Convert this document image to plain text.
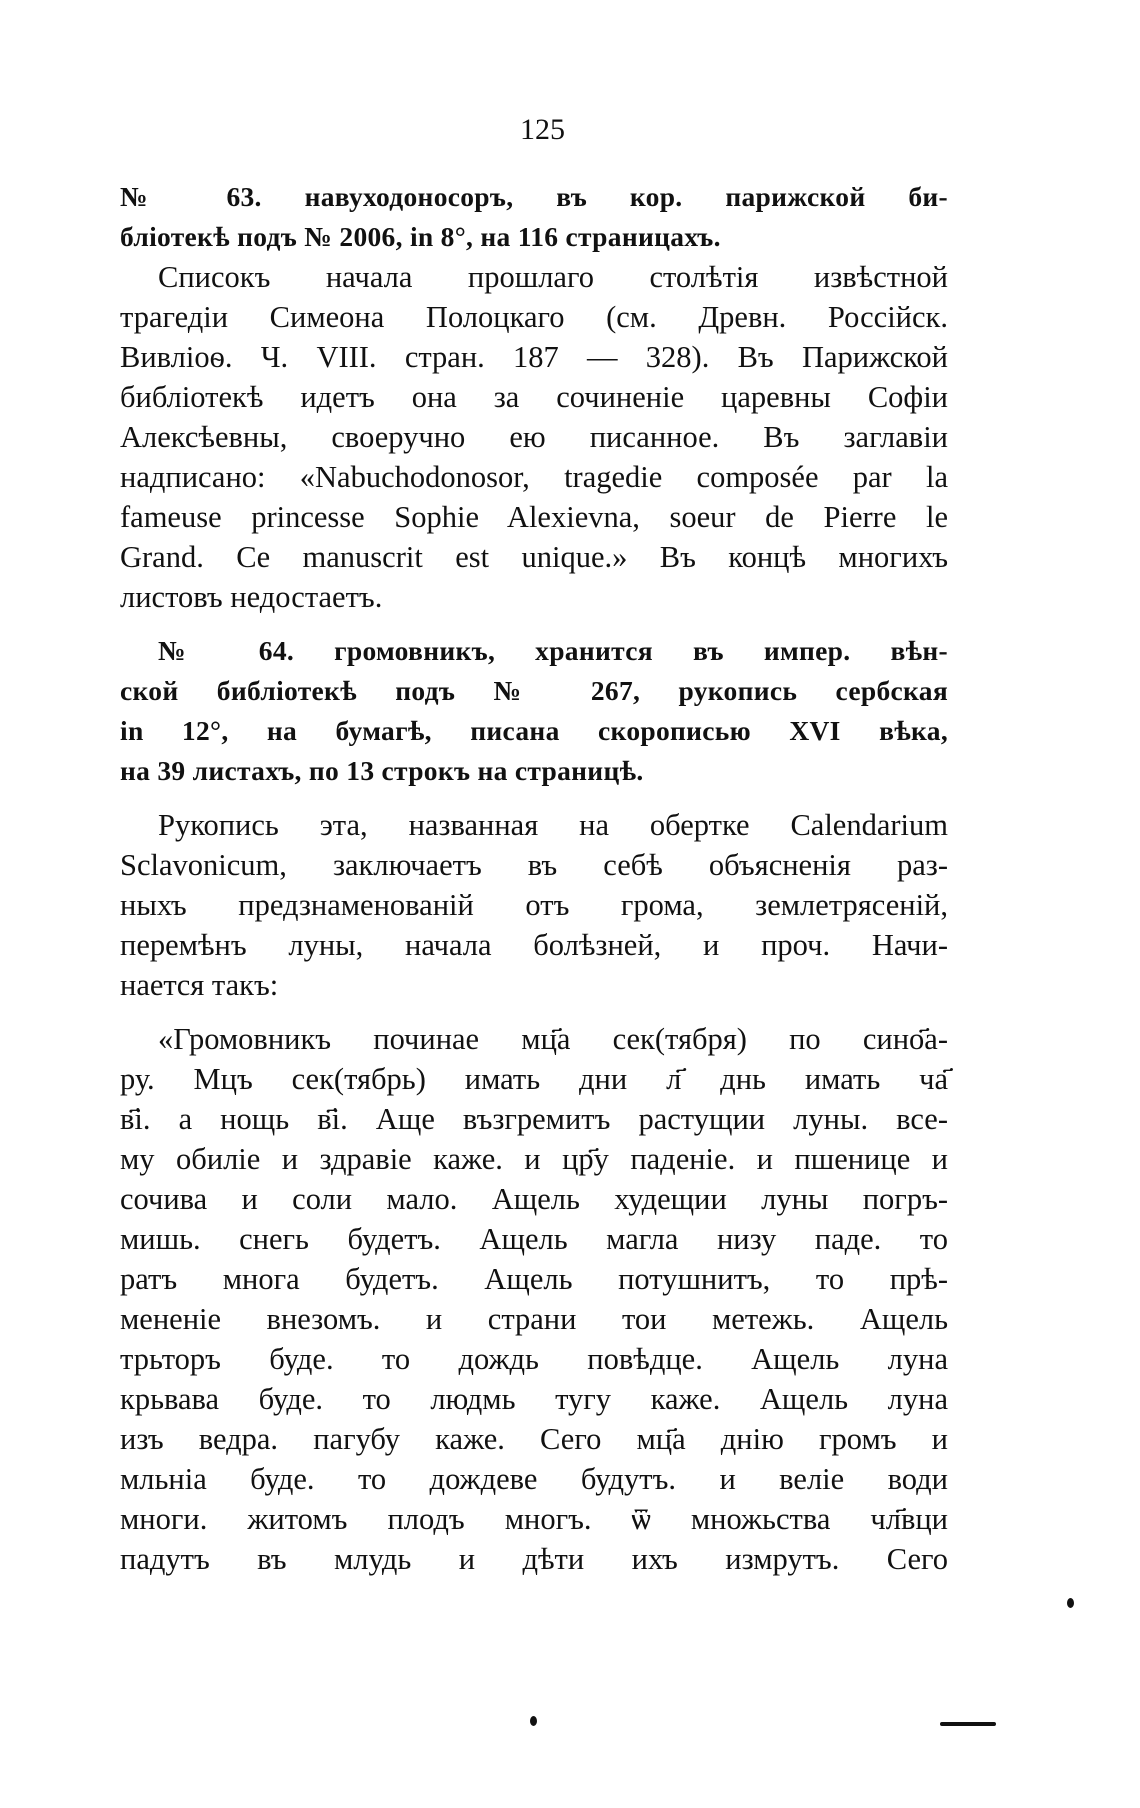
125
№ 63. навуходоносоръ, въ кор. парижской би-
бліотекѣ подъ № 2006, in 8°, на 116 страницахъ.
Списокъ начала прошлаго столѣтія извѣстной
трагедіи Симеона Полоцкаго (см. Древн. Россійск.
Вивліоѳ. Ч. VIII. стран. 187 — 328). Въ Парижской
библіотекѣ идетъ она за сочиненіе царевны Софіи
Алексѣевны, своеручно ею писанное. Въ заглавіи
надписано: «Nabuchodonosor, tragedie composée par la
fameuse princesse Sophie Alexievna, soeur de Pierre le
Grand. Ce manuscrit est unique.» Въ концѣ многихъ
листовъ недостаетъ.
№ 64. громовникъ, хранится въ импер. вѣн-
ской библіотекѣ подъ № 267, рукопись сербская
in 12°, на бумагѣ, писана скорописью XVI вѣка,
на 39 листахъ, по 13 строкъ на страницѣ.
Рукопись эта, названная на обертке Calendarium
Sclavonicum, заключаетъ въ себѣ объясненія раз-
ныхъ предзнаменованій отъ грома, землетрясеній,
перемѣнъ луны, начала болѣзней, и проч. Начи-
наетcя такъ:
«Громовникъ починае мц҃а сек(тября) по сино҃а-
ру. Мцъ сек(тябрь) имать дни л҃ днь имать ча҃
в҃і. а нощь в҃і. Аще възгремитъ растущии луны. все-
му обиліе и здравіе каже. и цр҃у паденіе. и пшенице и
сочива и соли мало. Ащель худещии луны погръ-
мишь. снегь будетъ. Ащель магла низу паде. то
ратъ многа будетъ. Ащель потушнитъ, то прѣ-
мененіе внезомъ. и страни тои метежь. Ащель
трьторъ буде. то дождь повѣдце. Ащель луна
крьвава буде. то людмь тугу каже. Ащель луна
изъ ведра. пагубу каже. Сего мц҃а днію громъ и
мльніа буде. то дождеве будутъ. и веліе води
многи. житомъ плодъ многъ. ѿ множьства чл҃вци
падутъ въ млудь и дѣти ихъ измрутъ. Сего
